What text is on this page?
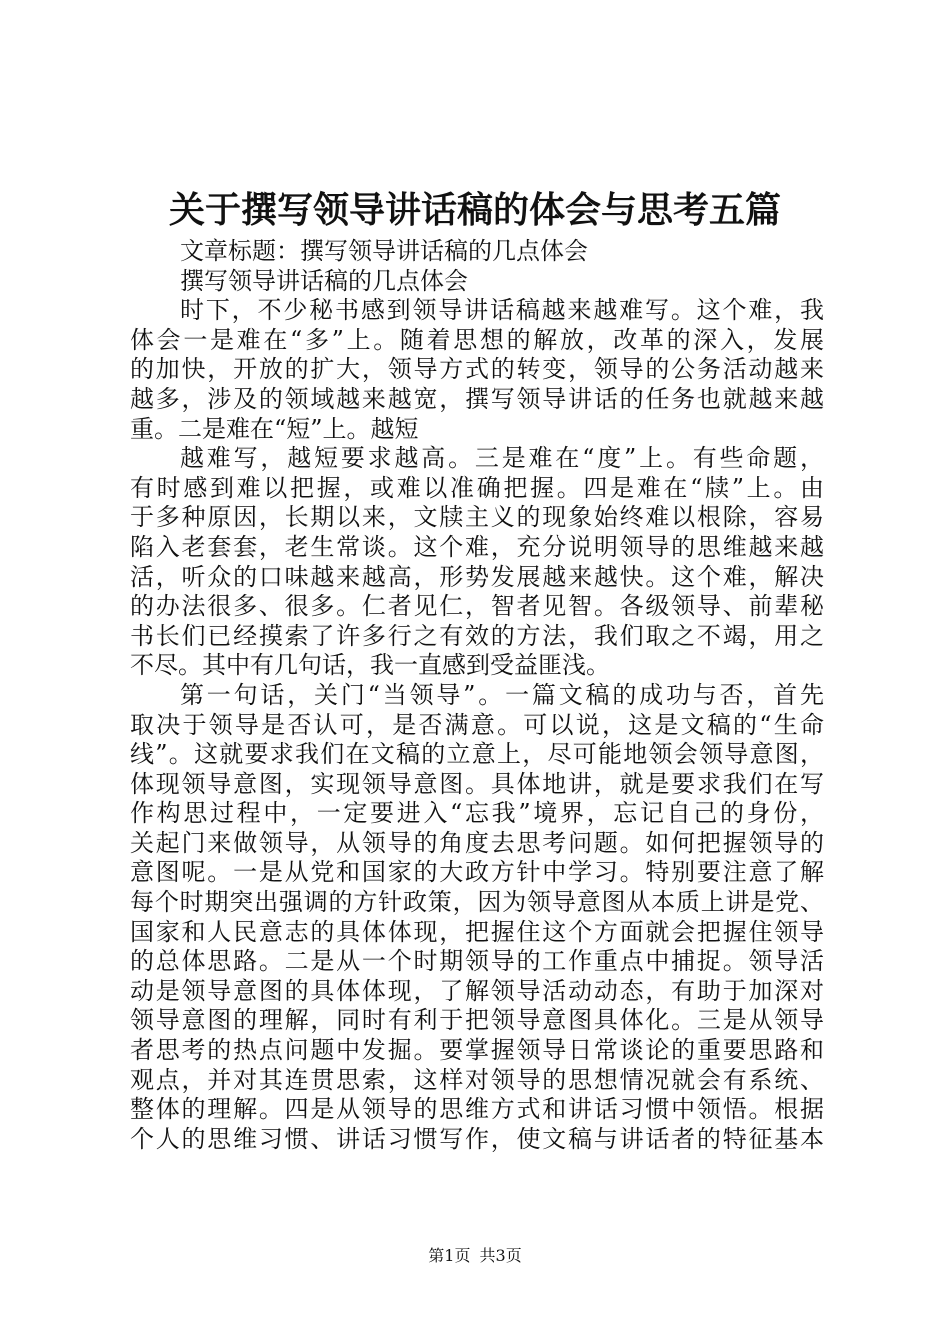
关于撰写领导讲话稿的体会与思考五篇
文章标题：撰写领导讲话稿的几点体会
撰写领导讲话稿的几点体会
时下，不少秘书感到领导讲话稿越来越难写。这个难，我
体会一是难在“多”上。随着思想的解放，改革的深入，发展
的加快，开放的扩大，领导方式的转变，领导的公务活动越来
越多，涉及的领域越来越宽，撰写领导讲话的任务也就越来越
重。二是难在“短”上。越短
越难写，越短要求越高。三是难在“度”上。有些命题，
有时感到难以把握，或难以准确把握。四是难在“牍”上。由
于多种原因，长期以来，文牍主义的现象始终难以根除，容易
陷入老套套，老生常谈。这个难，充分说明领导的思维越来越
活，听众的口味越来越高，形势发展越来越快。这个难，解决
的办法很多、很多。仁者见仁，智者见智。各级领导、前辈秘
书长们已经摸索了许多行之有效的方法，我们取之不竭，用之
不尽。其中有几句话，我一直感到受益匪浅。
第一句话，关门“当领导”。一篇文稿的成功与否，首先
取决于领导是否认可，是否满意。可以说，这是文稿的“生命
线”。这就要求我们在文稿的立意上，尽可能地领会领导意图，
体现领导意图，实现领导意图。具体地讲，就是要求我们在写
作构思过程中，一定要进入“忘我”境界，忘记自己的身份，
关起门来做领导，从领导的角度去思考问题。如何把握领导的
意图呢。一是从党和国家的大政方针中学习。特别要注意了解
每个时期突出强调的方针政策，因为领导意图从本质上讲是党、
国家和人民意志的具体体现，把握住这个方面就会把握住领导
的总体思路。二是从一个时期领导的工作重点中捕捉。领导活
动是领导意图的具体体现，了解领导活动动态，有助于加深对
领导意图的理解，同时有利于把领导意图具体化。三是从领导
者思考的热点问题中发掘。要掌握领导日常谈论的重要思路和
观点，并对其连贯思索，这样对领导的思想情况就会有系统、
整体的理解。四是从领导的思维方式和讲话习惯中领悟。根据
个人的思维习惯、讲话习惯写作，使文稿与讲话者的特征基本
第1页 共3页
